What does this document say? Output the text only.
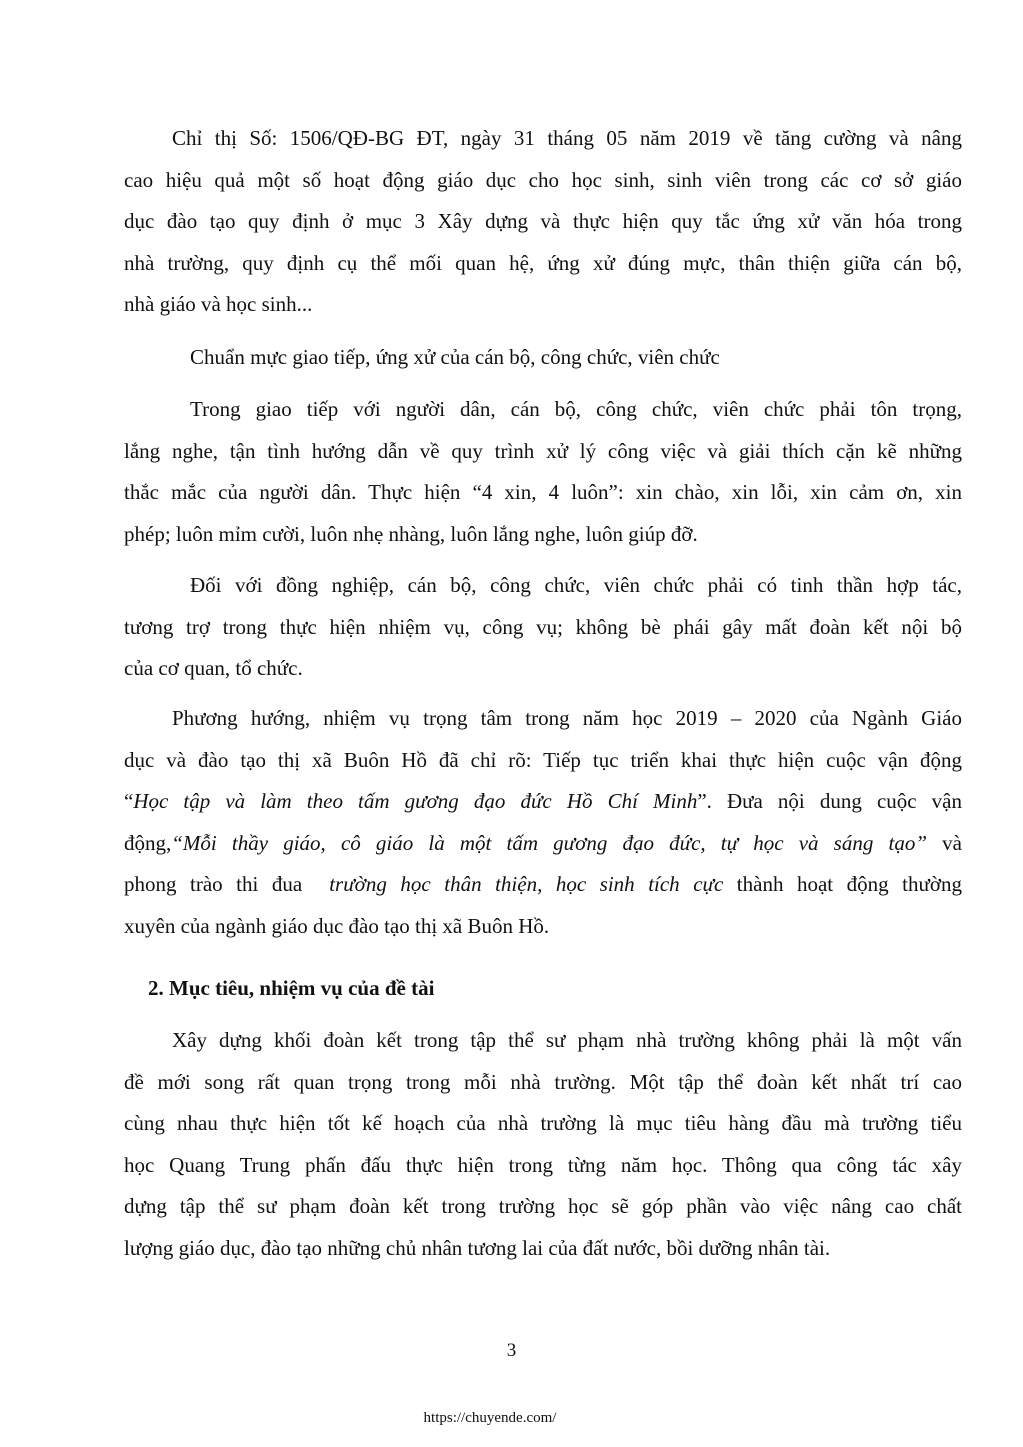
Chỉ thị Số: 1506/QĐ-BG ĐT, ngày 31 tháng 05 năm 2019 về tăng cường và nâng
cao hiệu quả một số hoạt động giáo dục cho học sinh, sinh viên trong các cơ sở giáo
dục đào tạo quy định ở mục 3 Xây dựng và thực hiện quy tắc ứng xử văn hóa trong
nhà trường, quy định cụ thể mối quan hệ, ứng xử đúng mực, thân thiện giữa cán bộ,
nhà giáo và học sinh...
Chuẩn mực giao tiếp, ứng xử của cán bộ, công chức, viên chức
Trong giao tiếp với người dân, cán bộ, công chức, viên chức phải tôn trọng,
lắng nghe, tận tình hướng dẫn về quy trình xử lý công việc và giải thích cặn kẽ những
thắc mắc của người dân. Thực hiện “4 xin, 4 luôn”: xin chào, xin lỗi, xin cảm ơn, xin
phép; luôn mỉm cười, luôn nhẹ nhàng, luôn lắng nghe, luôn giúp đỡ.
Đối với đồng nghiệp, cán bộ, công chức, viên chức phải có tinh thần hợp tác,
tương trợ trong thực hiện nhiệm vụ, công vụ; không bè phái gây mất đoàn kết nội bộ
của cơ quan, tổ chức.
Phương hướng, nhiệm vụ trọng tâm trong năm học 2019 – 2020 của Ngành Giáo
dục và đào tạo thị xã Buôn Hồ đã chỉ rõ: Tiếp tục triển khai thực hiện cuộc vận động
“Học tập và làm theo tấm gương đạo đức Hồ Chí Minh”. Đưa nội dung cuộc vận
động,“Mỗi thầy giáo, cô giáo là một tấm gương đạo đức, tự học và sáng tạo” và
phong trào thi đua  trường học thân thiện, học sinh tích cực thành hoạt động thường
xuyên của ngành giáo dục đào tạo thị xã Buôn Hồ.
2. Mục tiêu, nhiệm vụ của đề tài
Xây dựng khối đoàn kết trong tập thể sư phạm nhà trường không phải là một vấn
đề mới song rất quan trọng trong mỗi nhà trường. Một tập thể đoàn kết nhất trí cao
cùng nhau thực hiện tốt kế hoạch của nhà trường là mục tiêu hàng đầu mà trường tiểu
học Quang Trung phấn đấu thực hiện trong từng năm học. Thông qua công tác xây
dựng tập thể sư phạm đoàn kết trong trường học sẽ góp phần vào việc nâng cao chất
lượng giáo dục, đào tạo những chủ nhân tương lai của đất nước, bồi dưỡng nhân tài.
3
https://chuyende.com/
